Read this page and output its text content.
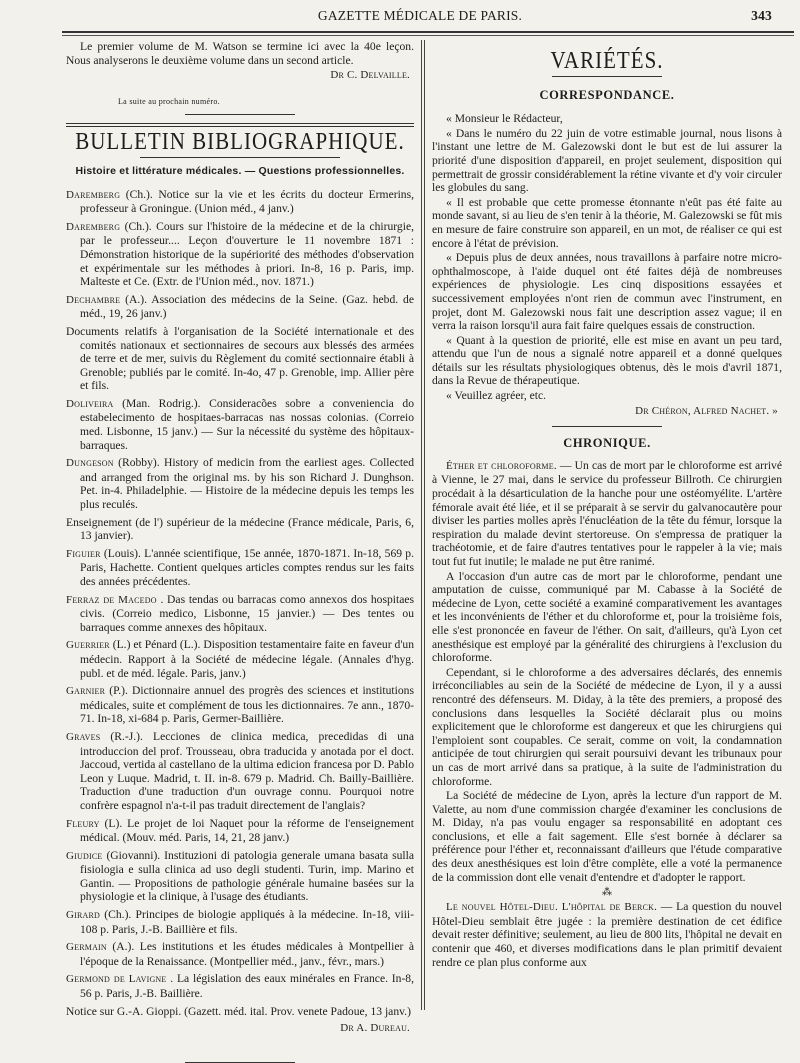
GAZETTE MÉDICALE DE PARIS.	343

Le premier volume de M. Watson se termine ici avec la 40e leçon. Nous analyserons le deuxième volume dans un second article.

Dr C. Delvaille.

La suite au prochain numéro.

BULLETIN BIBLIOGRAPHIQUE.
Histoire et littérature médicales. — Questions professionnelles.

Daremberg (Ch.). Notice sur la vie et les écrits du docteur Ermerins, professeur à Groningue. (Union méd., 4 janv.)

Daremberg (Ch.). Cours sur l'histoire de la médecine et de la chirurgie, par le professeur.... Leçon d'ouverture le 11 novembre 1871 : Démonstration historique de la supériorité des méthodes d'observation et expérimentale sur les méthodes à priori. In-8, 16 p. Paris, imp. Malteste et Ce. (Extr. de l'Union méd., nov. 1871.)

Dechambre (A.). Association des médecins de la Seine. (Gaz. hebd. de méd., 19, 26 janv.)

Documents relatifs à l'organisation de la Société internationale et des comités nationaux et sectionnaires de secours aux blessés des armées de terre et de mer, suivis du Règlement du comité sectionnaire établi à Grenoble; publiés par le comité. In-4o, 47 p. Grenoble, imp. Allier père et fils.

Doliveira (Man. Rodrig.). Consideracões sobre a conveniencia do estabelecimento de hospitaes-barracas nas nossas colonias. (Correio med. Lisbonne, 15 janv.) — Sur la nécessité du système des hôpitaux-barraques.

Dungeson (Robby). History of medicin from the earliest ages. Collected and arranged from the original ms. by his son Richard J. Dunghson. Pet. in-4. Philadelphie. — Histoire de la médecine depuis les temps les plus reculés.

Enseignement (de l') supérieur de la médecine (France médicale, Paris, 6, 13 janvier).

Figuier (Louis). L'année scientifique, 15e année, 1870-1871. In-18, 569 p. Paris, Hachette. Contient quelques articles comptes rendus sur les faits des années précédentes.

Ferraz de Macedo . Das tendas ou barracas como annexos dos hospitaes civis. (Correio medico, Lisbonne, 15 janvier.) — Des tentes ou barraques comme annexes des hôpitaux.

Guerrier (L.) et Pénard (L.). Disposition testamentaire faite en faveur d'un médecin. Rapport à la Société de médecine légale. (Annales d'hyg. publ. et de méd. légale. Paris, janv.)

Garnier (P.). Dictionnaire annuel des progrès des sciences et institutions médicales, suite et complément de tous les dictionnaires. 7e ann., 1870-71. In-18, xi-684 p. Paris, Germer-Baillière.

Graves (R.-J.). Lecciones de clinica medica, precedidas di una introduccion del prof. Trousseau, obra traducida y anotada por el doct. Jaccoud, vertida al castellano de la ultima edicion francesa por D. Pablo Leon y Luque. Madrid, t. II. in-8. 679 p. Madrid. Ch. Bailly-Baillière. Traduction d'une traduction d'un ouvrage connu. Pourquoi notre confrère espagnol n'a-t-il pas traduit directement de l'anglais?

Fleury (L). Le projet de loi Naquet pour la réforme de l'enseignement médical. (Mouv. méd. Paris, 14, 21, 28 janv.)

Giudice (Giovanni). Instituzioni di patologia generale umana basata sulla fisiologia e sulla clinica ad uso degli studenti. Turin, imp. Marino et Gantin. — Propositions de pathologie générale humaine basées sur la physiologie et la clinique, à l'usage des étudiants.

Girard (Ch.). Principes de biologie appliqués à la médecine. In-18, viii-108 p. Paris, J.-B. Baillière et fils.

Germain (A.). Les institutions et les études médicales à Montpellier à l'époque de la Renaissance. (Montpellier méd., janv., févr., mars.)

Germond de Lavigne . La législation des eaux minérales en France. In-8, 56 p. Paris, J.-B. Baillière.

Notice sur G.-A. Gioppi. (Gazett. méd. ital. Prov. venete Padoue, 13 janv.)

Dr A. Dureau.

VARIÉTÉS.
CORRESPONDANCE.

« Monsieur le Rédacteur,

« Dans le numéro du 22 juin de votre estimable journal, nous lisons à l'instant une lettre de M. Galezowski dont le but est de lui assurer la priorité d'une disposition d'appareil, en projet seulement, disposition qui permettrait de grossir considérablement la rétine vivante et d'y voir circuler les globules du sang.

« Il est probable que cette promesse étonnante n'eût pas été faite au monde savant, si au lieu de s'en tenir à la théorie, M. Galezowski se fût mis en mesure de faire construire son appareil, en un mot, de réaliser ce qui est encore à l'état de prévision.

« Depuis plus de deux années, nous travaillons à parfaire notre micro-ophthalmoscope, à l'aide duquel ont été faites déjà de nombreuses expériences de physiologie. Les cinq dispositions essayées et successivement employées n'ont rien de commun avec l'instrument, en projet, dont M. Galezowski nous fait une description assez vague; il en verra la raison lorsqu'il aura fait faire quelques essais de construction.

« Quant à la question de priorité, elle est mise en avant un peu tard, attendu que l'un de nous a signalé notre appareil et a donné quelques détails sur les résultats physiologiques obtenus, dès le mois d'avril 1871, dans la Revue de thérapeutique.

« Veuillez agréer, etc.

Dr Chéron, Alfred Nachet. »

CHRONIQUE.

Éther et chloroforme. — Un cas de mort par le chloroforme est arrivé à Vienne, le 27 mai, dans le service du professeur Billroth. Ce chirurgien procédait à la désarticulation de la hanche pour une ostéomyélite. L'artère fémorale avait été liée, et il se préparait à se servir du galvanocautère pour diviser les parties molles après l'énucléation de la tête du fémur, lorsque la respiration du malade devint stertoreuse. On s'empressa de pratiquer la trachéotomie, et de faire d'autres tentatives pour le rappeler à la vie; mais tout fut fut inutile; le malade ne put être ranimé.

A l'occasion d'un autre cas de mort par le chloroforme, pendant une amputation de cuisse, communiqué par M. Cabasse à la Société de médecine de Lyon, cette société a examiné comparativement les avantages et les inconvénients de l'éther et du chloroforme et, pour la troisième fois, elle s'est prononcée en faveur de l'éther. On sait, d'ailleurs, qu'à Lyon cet anesthésique est employé par la généralité des chirurgiens à l'exclusion du chloroforme.

Cependant, si le chloroforme a des adversaires déclarés, des ennemis irréconciliables au sein de la Société de médecine de Lyon, il y a aussi rencontré des défenseurs. M. Diday, à la tête des premiers, a proposé des conclusions dans lesquelles la Société déclarait plus ou moins explicitement que le chloroforme est dangereux et que les chirurgiens qui l'emploient sont coupables. Ce serait, comme on voit, la condamnation anticipée de tout chirurgien qui serait poursuivi devant les tribunaux pour un cas de mort arrivé dans sa pratique, à la suite de l'administration du chloroforme.

La Société de médecine de Lyon, après la lecture d'un rapport de M. Valette, au nom d'une commission chargée d'examiner les conclusions de M. Diday, n'a pas voulu engager sa responsabilité en adoptant ces conclusions, et elle a fait sagement. Elle s'est bornée à déclarer sa préférence pour l'éther et, reconnaissant d'ailleurs que l'étude comparative des deux anesthésiques est loin d'être complète, elle a voté la permanence de la commission dont elle venait d'entendre et d'adopter le rapport.

⁂

Le nouvel Hôtel-Dieu. L'hôpital de Berck. — La question du nouvel Hôtel-Dieu semblait être jugée : la première destination de cet édifice devait rester définitive; seulement, au lieu de 800 lits, l'hôpital ne devait en contenir que 460, et diverses modifications dans le plan primitif devaient rendre ce plan plus conforme aux
